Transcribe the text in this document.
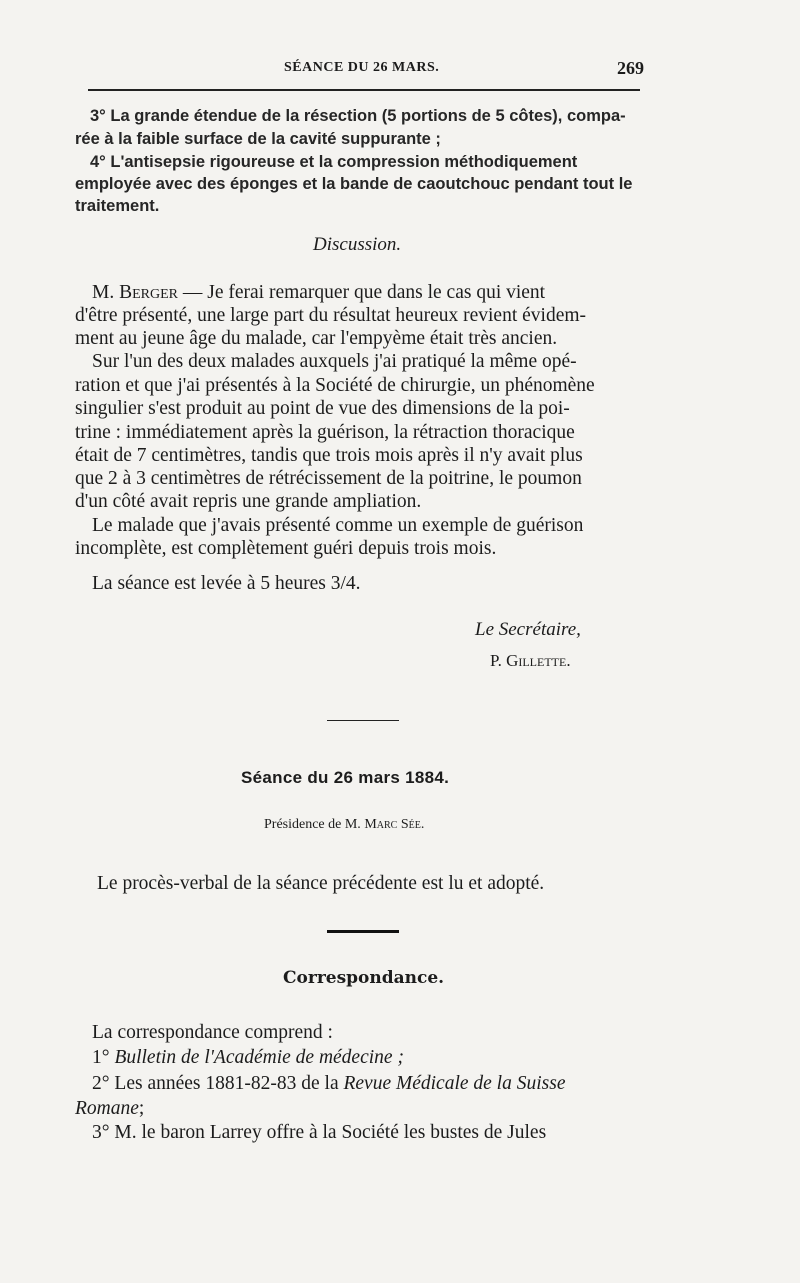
SÉANCE DU 26 MARS.	269
3° La grande étendue de la résection (5 portions de 5 côtes), compa-
rée à la faible surface de la cavité suppurante ;
4° L'antisepsie rigoureuse et la compression méthodiquement
employée avec des éponges et la bande de caoutchouc pendant tout le
traitement.
Discussion.
M. Berger — Je ferai remarquer que dans le cas qui vient
d'être présenté, une large part du résultat heureux revient évidem-
ment au jeune âge du malade, car l'empyème était très ancien.
Sur l'un des deux malades auxquels j'ai pratiqué la même opé-
ration et que j'ai présentés à la Société de chirurgie, un phénomène
singulier s'est produit au point de vue des dimensions de la poi-
trine : immédiatement après la guérison, la rétraction thoracique
était de 7 centimètres, tandis que trois mois après il n'y avait plus
que 2 à 3 centimètres de rétrécissement de la poitrine, le poumon
d'un côté avait repris une grande ampliation.
Le malade que j'avais présenté comme un exemple de guérison
incomplète, est complètement guéri depuis trois mois.
La séance est levée à 5 heures 3/4.
Le Secrétaire,
P. Gillette.
Séance du 26 mars 1884.
Présidence de M. Marc Sée.
Le procès-verbal de la séance précédente est lu et adopté.
Correspondance.
La correspondance comprend :
1° Bulletin de l'Académie de médecine ;
2° Les années 1881-82-83 de la Revue Médicale de la Suisse
Romane;
3° M. le baron Larrey offre à la Société les bustes de Jules
